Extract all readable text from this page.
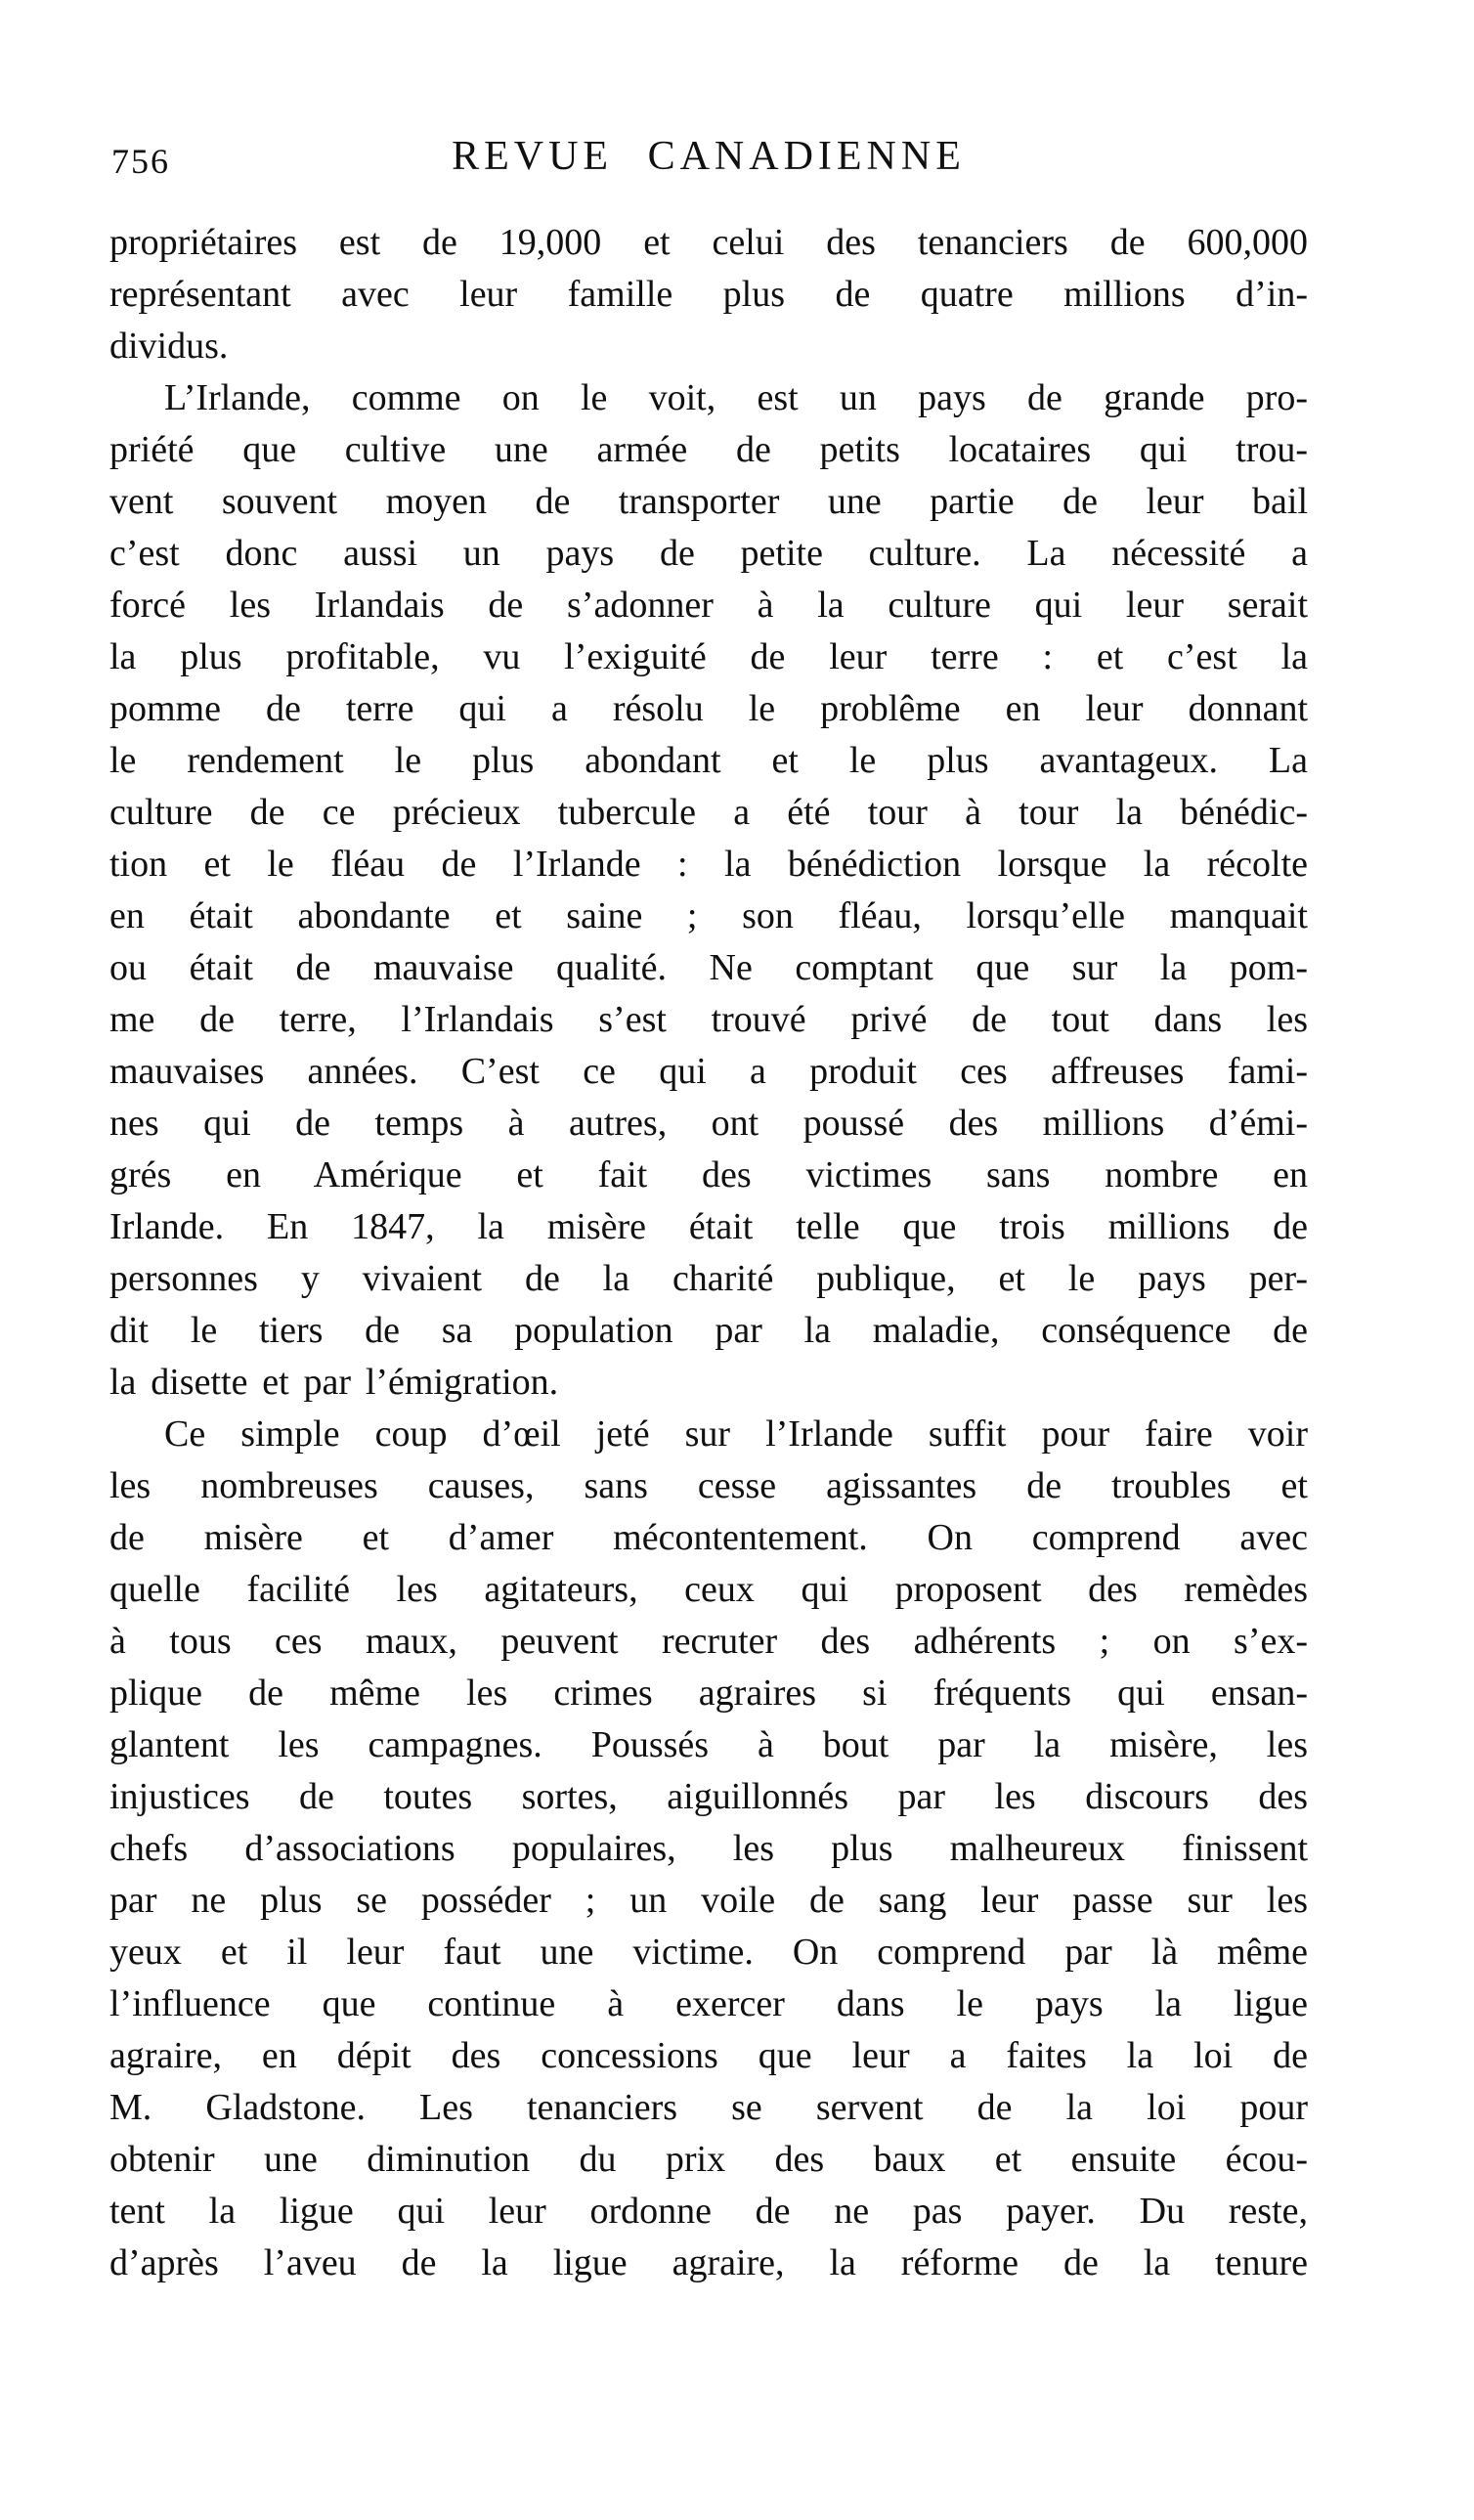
756	REVUE CANADIENNE
propriétaires est de 19,000 et celui des tenanciers de 600,000
représentant avec leur famille plus de quatre millions d’in-
dividus.
L’Irlande, comme on le voit, est un pays de grande pro-
priété que cultive une armée de petits locataires qui trou-
vent souvent moyen de transporter une partie de leur bail
c’est donc aussi un pays de petite culture. La nécessité a
forcé les Irlandais de s’adonner à la culture qui leur serait
la plus profitable, vu l’exiguité de leur terre : et c’est la
pomme de terre qui a résolu le problême en leur donnant
le rendement le plus abondant et le plus avantageux. La
culture de ce précieux tubercule a été tour à tour la bénédic-
tion et le fléau de l’Irlande : la bénédiction lorsque la récolte
en était abondante et saine ; son fléau, lorsqu’elle manquait
ou était de mauvaise qualité. Ne comptant que sur la pom-
me de terre, l’Irlandais s’est trouvé privé de tout dans les
mauvaises années. C’est ce qui a produit ces affreuses fami-
nes qui de temps à autres, ont poussé des millions d’émi-
grés en Amérique et fait des victimes sans nombre en
Irlande. En 1847, la misère était telle que trois millions de
personnes y vivaient de la charité publique, et le pays per-
dit le tiers de sa population par la maladie, conséquence de
la disette et par l’émigration.
Ce simple coup d’œil jeté sur l’Irlande suffit pour faire voir
les nombreuses causes, sans cesse agissantes de troubles et
de misère et d’amer mécontentement. On comprend avec
quelle facilité les agitateurs, ceux qui proposent des remèdes
à tous ces maux, peuvent recruter des adhérents ; on s’ex-
plique de même les crimes agraires si fréquents qui ensan-
glantent les campagnes. Poussés à bout par la misère, les
injustices de toutes sortes, aiguillonnés par les discours des
chefs d’associations populaires, les plus malheureux finissent
par ne plus se posséder ; un voile de sang leur passe sur les
yeux et il leur faut une victime. On comprend par là même
l’influence que continue à exercer dans le pays la ligue
agraire, en dépit des concessions que leur a faites la loi de
M. Gladstone. Les tenanciers se servent de la loi pour
obtenir une diminution du prix des baux et ensuite écou-
tent la ligue qui leur ordonne de ne pas payer. Du reste,
d’après l’aveu de la ligue agraire, la réforme de la tenure
